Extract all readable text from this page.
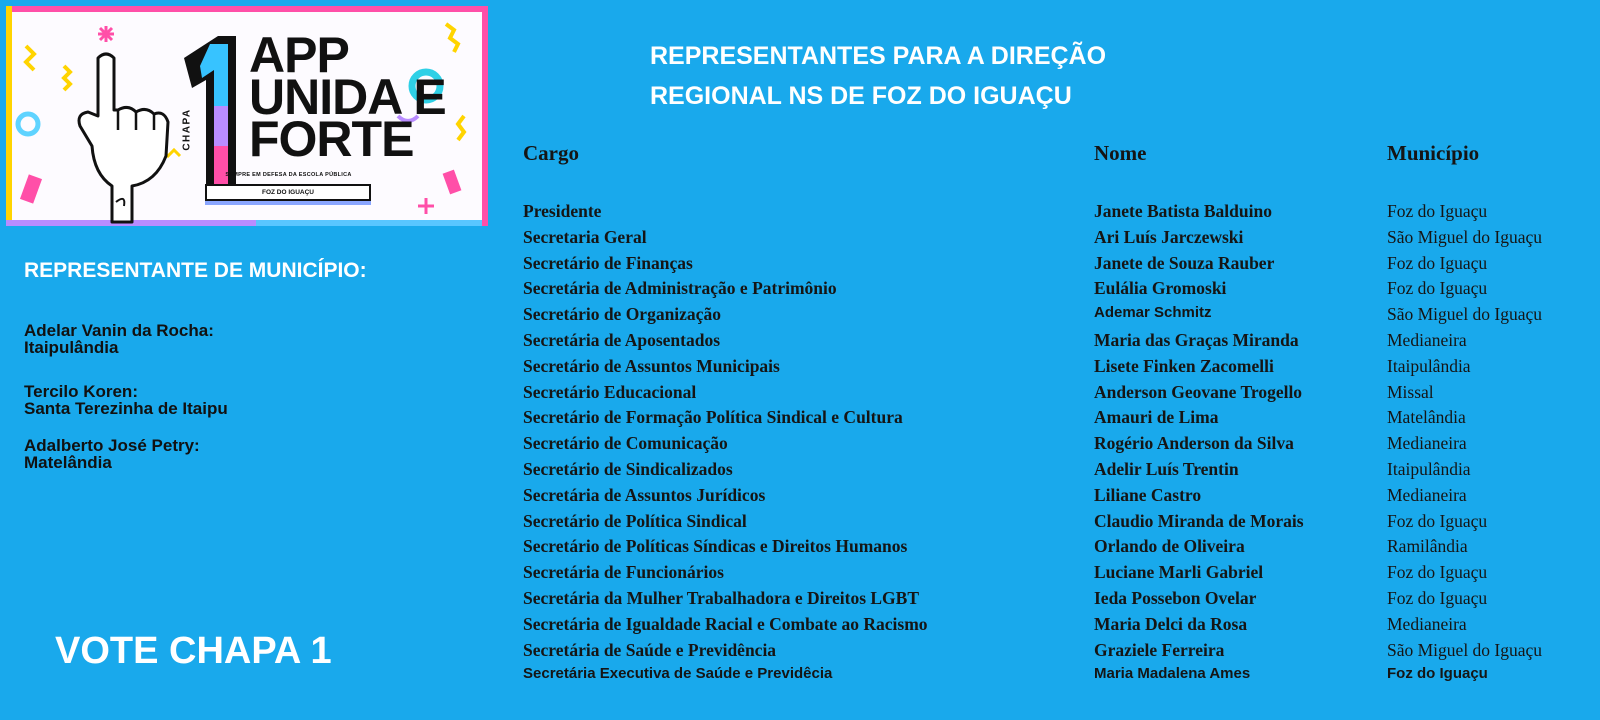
CHAPA
APP
UNIDA E
FORTE
SEMPRE EM DEFESA DA ESCOLA PÚBLICA
FOZ DO IGUAÇU
REPRESENTANTE DE MUNICÍPIO:
Adelar Vanin da Rocha:
Itaipulândia
Tercilo Koren:
Santa Terezinha de Itaipu
Adalberto José Petry:
Matelândia
VOTE CHAPA 1
REPRESENTANTES PARA A DIREÇÃO
REGIONAL NS DE FOZ DO IGUAÇU
Cargo	Nome	Município
Presidente	Janete Batista Balduino	Foz do Iguaçu
Secretaria Geral	Ari Luís Jarczewski	São Miguel do Iguaçu
Secretário de Finanças	Janete de Souza Rauber	Foz do Iguaçu
Secretária de Administração e Patrimônio	Eulália Gromoski	Foz do Iguaçu
Secretário de Organização	Ademar Schmitz	São Miguel do Iguaçu
Secretária de Aposentados	Maria das Graças Miranda	Medianeira
Secretário de Assuntos Municipais	Lisete Finken Zacomelli	Itaipulândia
Secretário Educacional	Anderson Geovane Trogello	Missal
Secretário de Formação Política Sindical e Cultura	Amauri de Lima	Matelândia
Secretário de Comunicação	Rogério Anderson da Silva	Medianeira
Secretário de Sindicalizados	Adelir Luís Trentin	Itaipulândia
Secretária de Assuntos Jurídicos	Liliane Castro	Medianeira
Secretário de Política Sindical	Claudio Miranda de Morais	Foz do Iguaçu
Secretário de Políticas Síndicas e Direitos Humanos	Orlando de Oliveira	Ramilândia
Secretária de Funcionários	Luciane Marli Gabriel	Foz do Iguaçu
Secretária da Mulher Trabalhadora e Direitos LGBT	Ieda Possebon Ovelar	Foz do Iguaçu
Secretária de Igualdade Racial e Combate ao Racismo	Maria Delci da Rosa	Medianeira
Secretária de Saúde e Previdência	Graziele Ferreira	São Miguel do Iguaçu
Secretária Executiva de Saúde e Previdêcia	Maria Madalena Ames	Foz do Iguaçu
